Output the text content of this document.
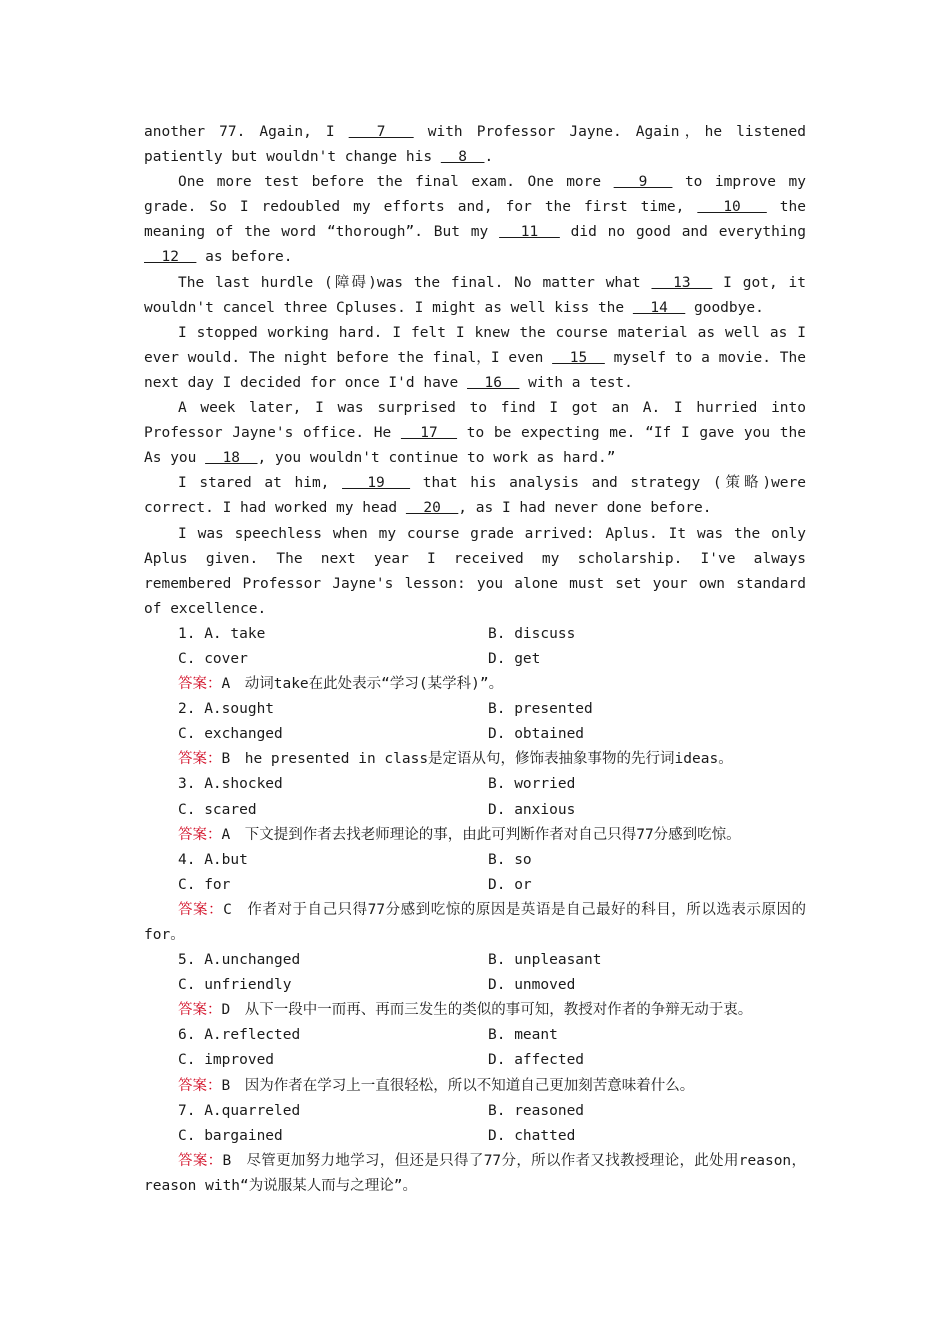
another 77. Again, I   7   with Professor Jayne. Again，he listened patiently but wouldn't change his   8  .

One more test before the final exam. One more   9   to improve my grade. So I redoubled my efforts and, for the first time,   10   the meaning of the word “thorough”. But my   11   did no good and everything   12   as before.

The last hurdle (障碍)was the final. No matter what   13   I got, it wouldn't cancel three Cpluses. I might as well kiss the   14   goodbye.

I stopped working hard. I felt I knew the course material as well as I ever would. The night before the final，I even   15   myself to a movie. The next day I decided for once I'd have   16   with a test.

A week later, I was surprised to find I got an A. I hurried into Professor Jayne's office. He   17   to be expecting me. “If I gave you the As you   18  , you wouldn't continue to work as hard.”

I stared at him,   19   that his analysis and strategy (策略)were correct. I had worked my head   20  , as I had never done before.

I was speechless when my course grade arrived: Aplus. It was the only Aplus given. The next year I received my scholarship. I've always remembered Professor Jayne's lesson: you alone must set your own standard of excellence.

1. A. take	B. discuss
C. cover	D. get

答案：A　动词take在此处表示“学习(某学科)”。

2. A.sought	B. presented
C. exchanged	D. obtained

答案：B　he presented in class是定语从句，修饰表抽象事物的先行词ideas。

3. A.shocked	B. worried
C. scared	D. anxious

答案：A　下文提到作者去找老师理论的事，由此可判断作者对自己只得77分感到吃惊。

4. A.but	B. so
C. for	D. or

答案：C　作者对于自己只得77分感到吃惊的原因是英语是自己最好的科目，所以选表示原因的for。

5. A.unchanged	B. unpleasant
C. unfriendly	D. unmoved

答案：D　从下一段中一而再、再而三发生的类似的事可知，教授对作者的争辩无动于衷。

6. A.reflected	B. meant
C. improved	D. affected

答案：B　因为作者在学习上一直很轻松，所以不知道自己更加刻苦意味着什么。

7. A.quarreled	B. reasoned
C. bargained	D. chatted

答案：B　尽管更加努力地学习，但还是只得了77分，所以作者又找教授理论，此处用reason，reason with“为说服某人而与之理论”。
